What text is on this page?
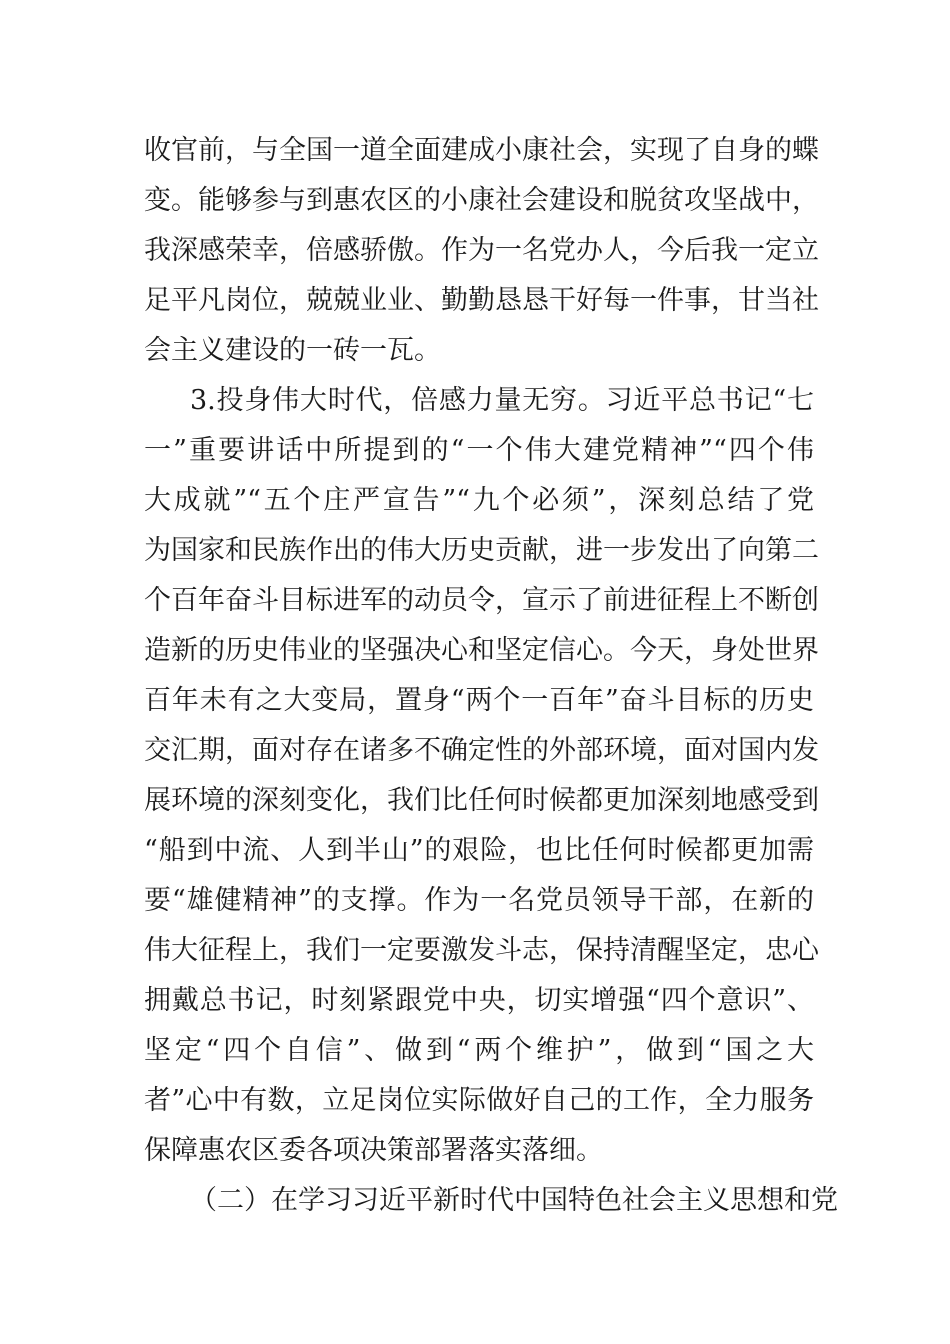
收官前，与全国一道全面建成小康社会，实现了自身的蝶
变。能够参与到惠农区的小康社会建设和脱贫攻坚战中，
我深感荣幸，倍感骄傲。作为一名党办人，今后我一定立
足平凡岗位，兢兢业业、勤勤恳恳干好每一件事，甘当社
会主义建设的一砖一瓦。
3.投身伟大时代，倍感力量无穷。习近平总书记“七
一”重要讲话中所提到的“一个伟大建党精神”“四个伟
大成就”“五个庄严宣告”“九个必须”，深刻总结了党
为国家和民族作出的伟大历史贡献，进一步发出了向第二
个百年奋斗目标进军的动员令，宣示了前进征程上不断创
造新的历史伟业的坚强决心和坚定信心。今天，身处世界
百年未有之大变局，置身“两个一百年”奋斗目标的历史
交汇期，面对存在诸多不确定性的外部环境，面对国内发
展环境的深刻变化，我们比任何时候都更加深刻地感受到
“船到中流、人到半山”的艰险，也比任何时候都更加需
要“雄健精神”的支撑。作为一名党员领导干部，在新的
伟大征程上，我们一定要激发斗志，保持清醒坚定，忠心
拥戴总书记，时刻紧跟党中央，切实增强“四个意识”、
坚定“四个自信”、做到“两个维护”，做到“国之大
者”心中有数，立足岗位实际做好自己的工作，全力服务
保障惠农区委各项决策部署落实落细。
（二）在学习习近平新时代中国特色社会主义思想和党
